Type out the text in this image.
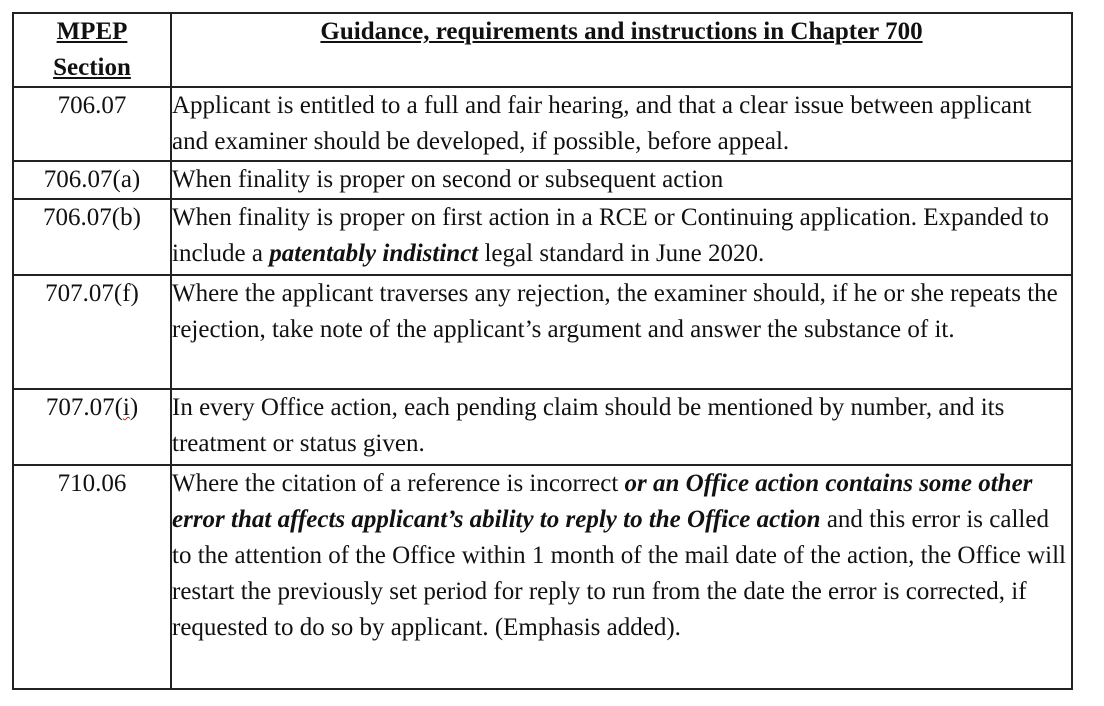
MPEP
Section	Guidance, requirements and instructions in Chapter 700
706.07	Applicant is entitled to a full and fair hearing, and that a clear issue between applicant and examiner should be developed, if possible, before appeal.
706.07(a)	When finality is proper on second or subsequent action
706.07(b)	When finality is proper on first action in a RCE or Continuing application. Expanded to include a patentably indistinct legal standard in June 2020.
707.07(f)	Where the applicant traverses any rejection, the examiner should, if he or she repeats the rejection, take note of the applicant’s argument and answer the substance of it.
707.07(i)	In every Office action, each pending claim should be mentioned by number, and its treatment or status given.
710.06	Where the citation of a reference is incorrect or an Office action contains some other error that affects applicant’s ability to reply to the Office action and this error is called to the attention of the Office within 1 month of the mail date of the action, the Office will restart the previously set period for reply to run from the date the error is corrected, if requested to do so by applicant. (Emphasis added).
